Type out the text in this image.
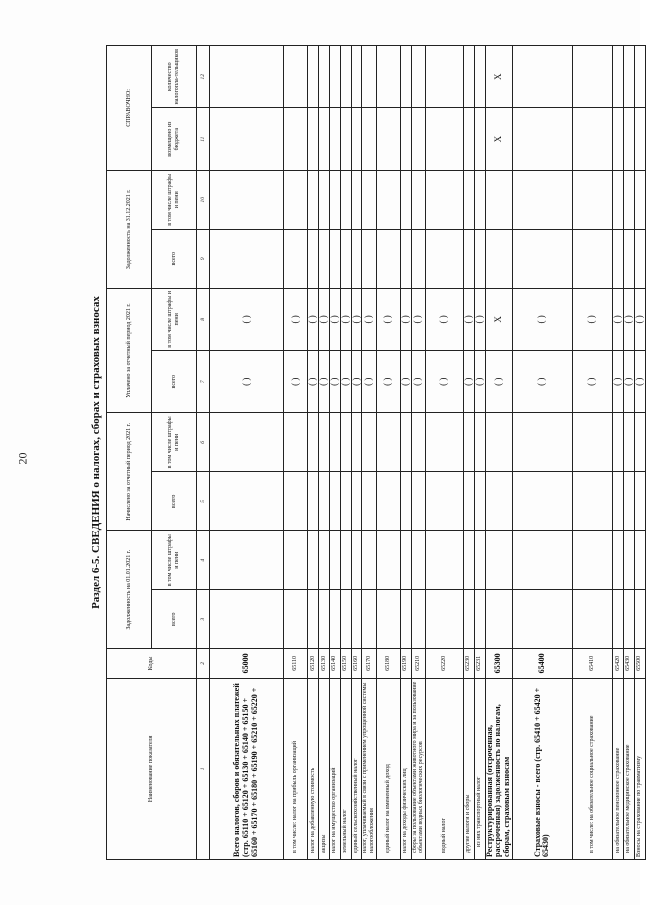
20	Раздел 6-5. СВЕДЕНИЯ о налогах, сборах и страховых взносах
Наименование показателя	Коды	Задолженность на 01.01.2021 г.		Начислено за отчетный период 2021 г.		Уплачено за отчетный период 2021 г.		Задолженность на 31.12.2021 г.		СПРАВОЧНО:	
		всего	в том числе штрафы и пени	всего	в том числе штрафы и пени	всего	в том числе штрафы и пени	всего	в том числе штрафы и пени	возмещено из бюджета	количество налогопла-тельщиков
1	2	3	4	5	6	7	8	9	10	11	12
Всего налогов, сборов и обязательных платежей (стр. 65110 + 65120 + 65130 + 65140 + 65150 + 65160 + 65170 + 65180 + 65190 + 65210 + 65220 +	65000					( )	( )				
в том числе: налог на прибыль организаций	65110					( )	( )				
налог на добавленную стоимость	65120					( )	( )				
акцизы	65130					( )	( )				
налог на имущество организаций	65140					( )	( )				
земельный налог	65150					( )	( )				
единый сельскохозяйственный налог	65160					( )	( )				
налог, уплачиваемый в связи с применением упрощенной системы налогообложения	65170					( )	( )				
единый налог на вмененный доход	65180					( )	( )				
налог на доходы физических лиц	65190					( )	( )				
сборы за пользование объектами животного мира и за пользование объектами водных биологических ресурсов	65210					( )	( )				
водный налог	65220					( )	( )				
другие налоги и сборы	65230					( )	( )				
из них транспортный налог	65231					( )	( )				
Реструктурированная (отсроченная, рассроченная) задолженность по налогам, сборам, страховым взносам	65300					( )	X			X	X
Страховые взносы - всего (стр. 65410 + 65420 + 65430)	65400					( )	( )				
в том числе: на обязательное социальное страхование	65410					( )	( )				
на обязательное пенсионное страхование	65420					( )	( )				
на обязательное медицинское страхование	65430					( )	( )				
Взносы на страхование по травматизму	65500					( )	( )				
